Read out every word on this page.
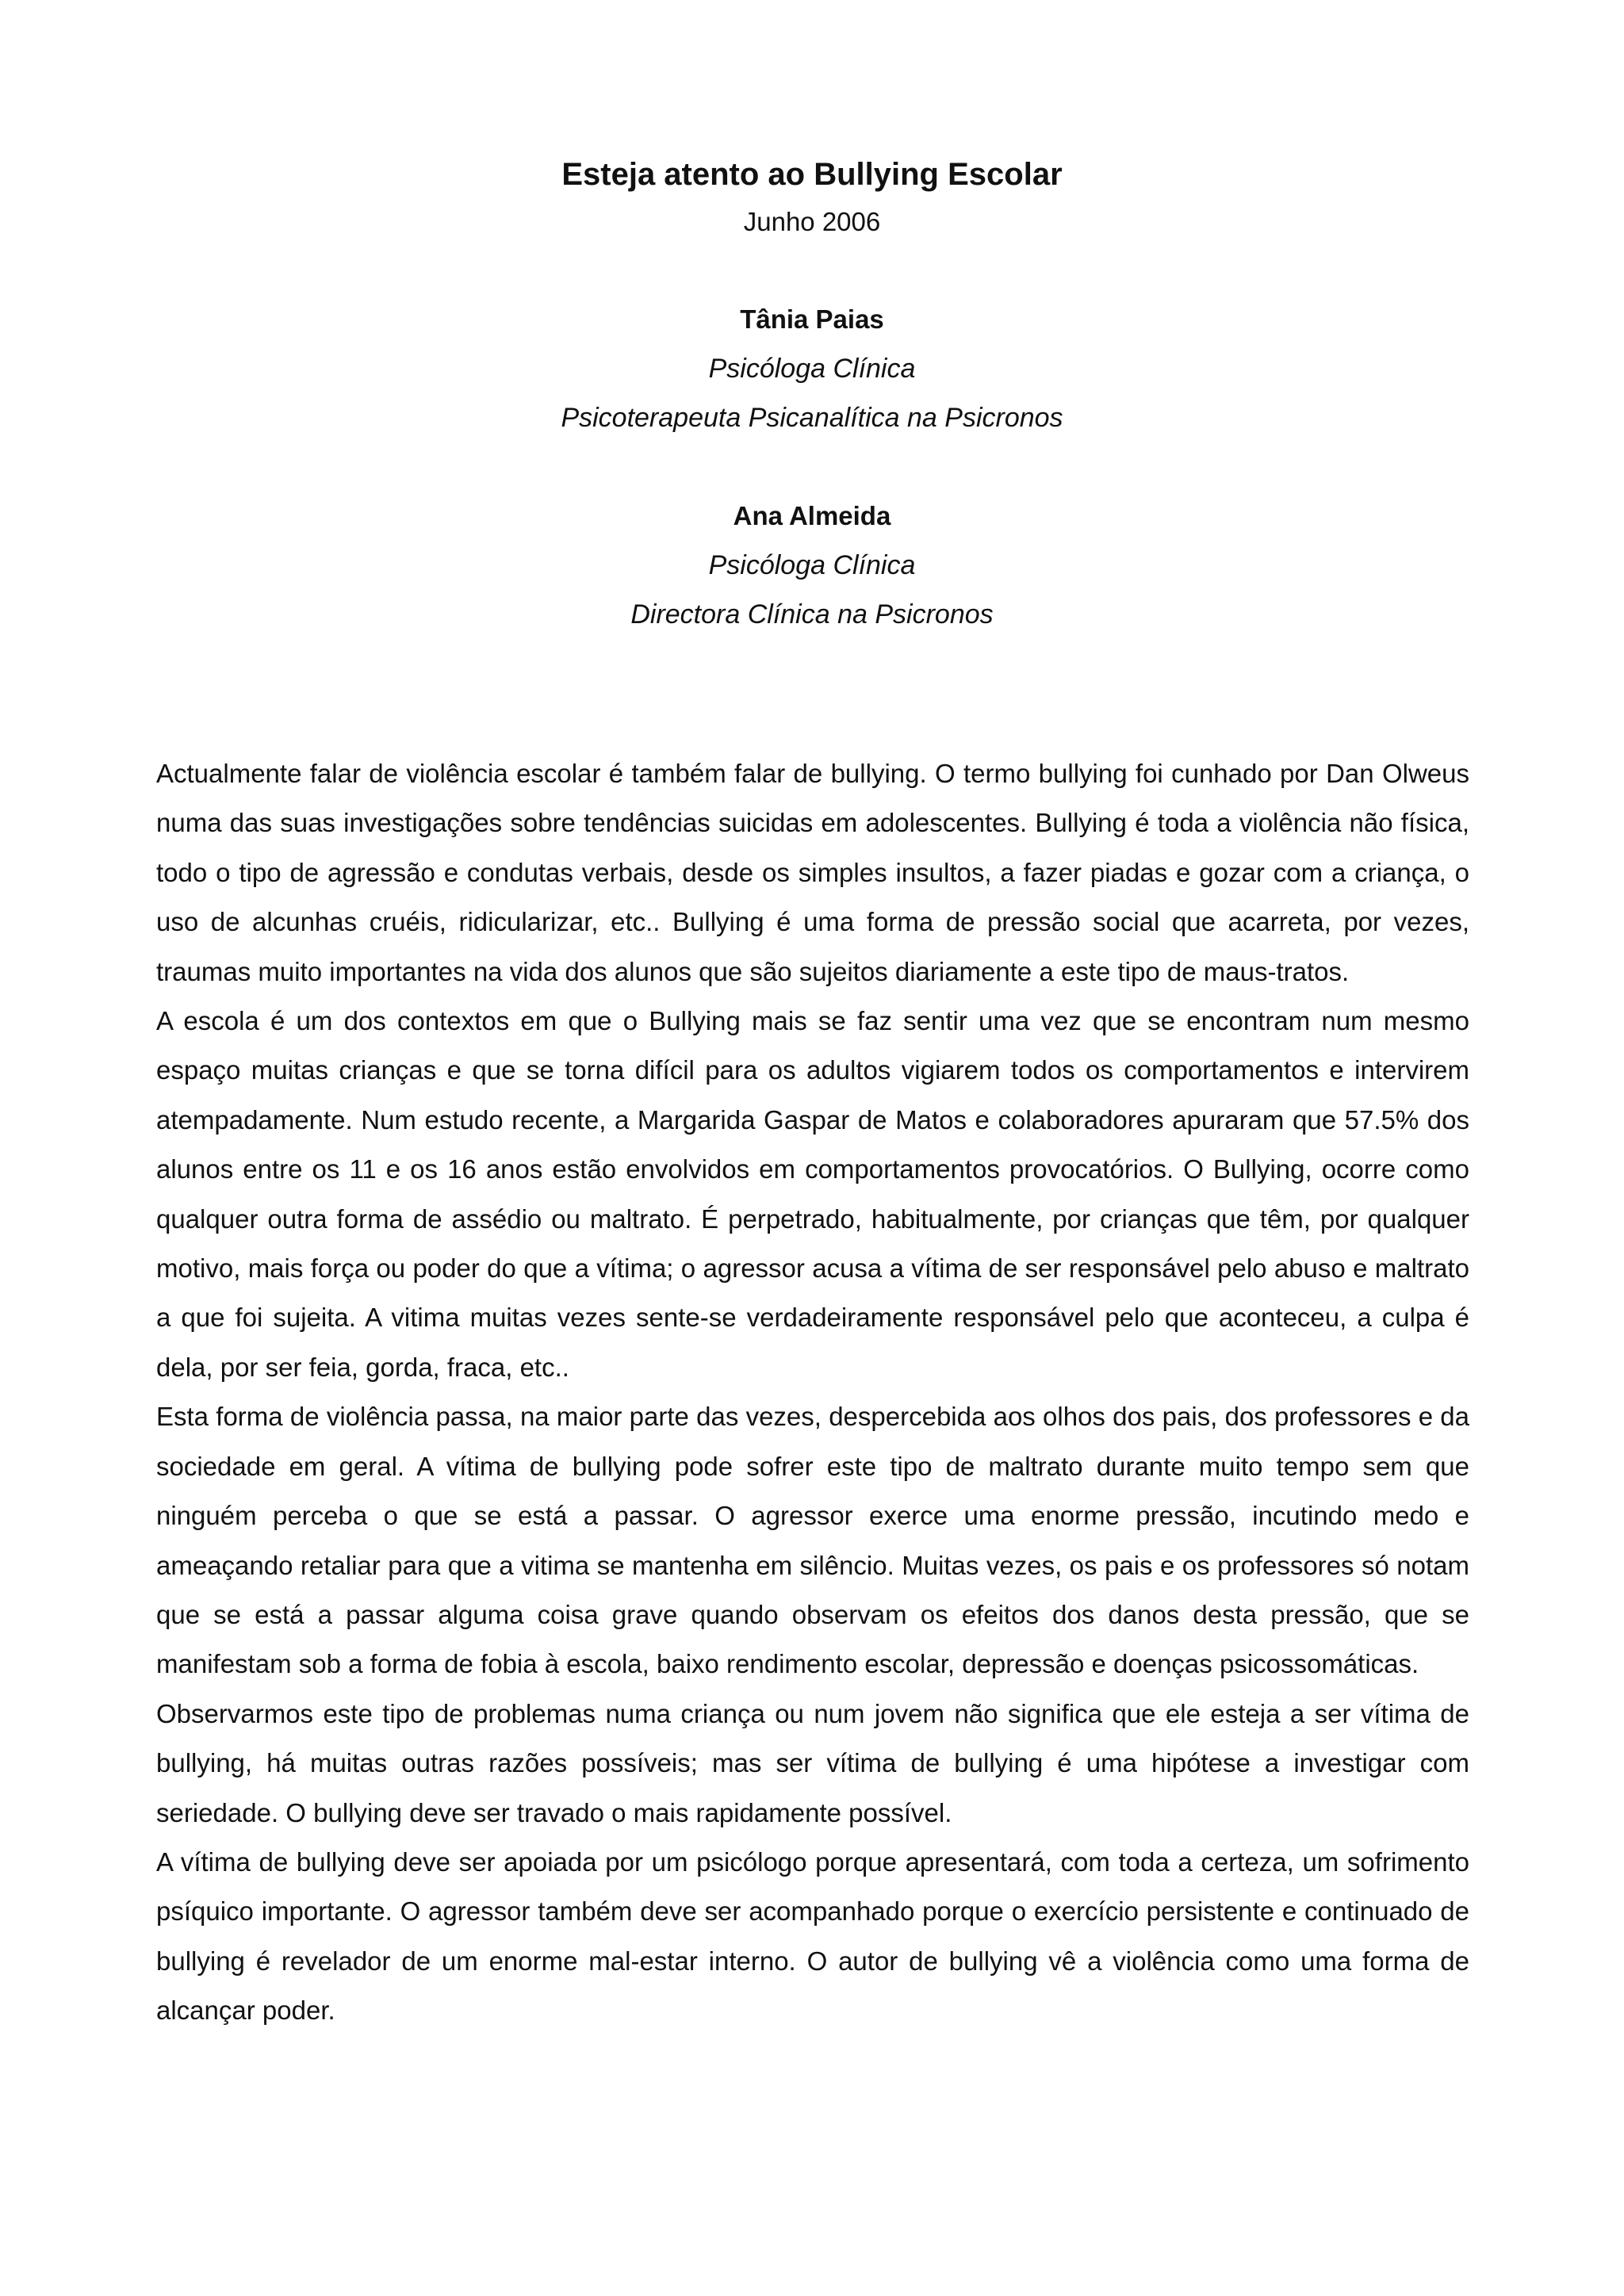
Esteja atento ao Bullying Escolar

Junho 2006

Tânia Paias

Psicóloga Clínica

Psicoterapeuta Psicanalítica na Psicronos

Ana Almeida

Psicóloga Clínica

Directora Clínica na Psicronos

Actualmente falar de violência escolar é também falar de bullying. O termo bullying foi cunhado por Dan Olweus numa das suas investigações sobre tendências suicidas em adolescentes. Bullying é toda a violência não física, todo o tipo de agressão e condutas verbais, desde os simples insultos, a fazer piadas e gozar com a criança, o uso de alcunhas cruéis, ridicularizar, etc.. Bullying é uma forma de pressão social que acarreta, por vezes, traumas muito importantes na vida dos alunos que são sujeitos diariamente a este tipo de maus-tratos.

A escola é um dos contextos em que o Bullying mais se faz sentir uma vez que se encontram num mesmo espaço muitas crianças e que se torna difícil para os adultos vigiarem todos os comportamentos e intervirem atempadamente. Num estudo recente, a Margarida Gaspar de Matos e colaboradores apuraram que 57.5% dos alunos entre os 11 e os 16 anos estão envolvidos em comportamentos provocatórios. O Bullying, ocorre como qualquer outra forma de assédio ou maltrato. É perpetrado, habitualmente, por crianças que têm, por qualquer motivo, mais força ou poder do que a vítima; o agressor acusa a vítima de ser responsável pelo abuso e maltrato a que foi sujeita. A vitima muitas vezes sente-se verdadeiramente responsável pelo que aconteceu, a culpa é dela, por ser feia, gorda, fraca, etc..

Esta forma de violência passa, na maior parte das vezes, despercebida aos olhos dos pais, dos professores e da sociedade em geral. A vítima de bullying pode sofrer este tipo de maltrato durante muito tempo sem que ninguém perceba o que se está a passar. O agressor exerce uma enorme pressão, incutindo medo e ameaçando retaliar para que a vitima se mantenha em silêncio. Muitas vezes, os pais e os professores só notam que se está a passar alguma coisa grave quando observam os efeitos dos danos desta pressão, que se manifestam sob a forma de fobia à escola, baixo rendimento escolar, depressão e doenças psicossomáticas.

Observarmos este tipo de problemas numa criança ou num jovem não significa que ele esteja a ser vítima de bullying, há muitas outras razões possíveis; mas ser vítima de bullying é uma hipótese a investigar com seriedade. O bullying deve ser travado o mais rapidamente possível.

A vítima de bullying deve ser apoiada por um psicólogo porque apresentará, com toda a certeza, um sofrimento psíquico importante. O agressor também deve ser acompanhado porque o exercício persistente e continuado de bullying é revelador de um enorme mal-estar interno. O autor de bullying vê a violência como uma forma de alcançar poder.
